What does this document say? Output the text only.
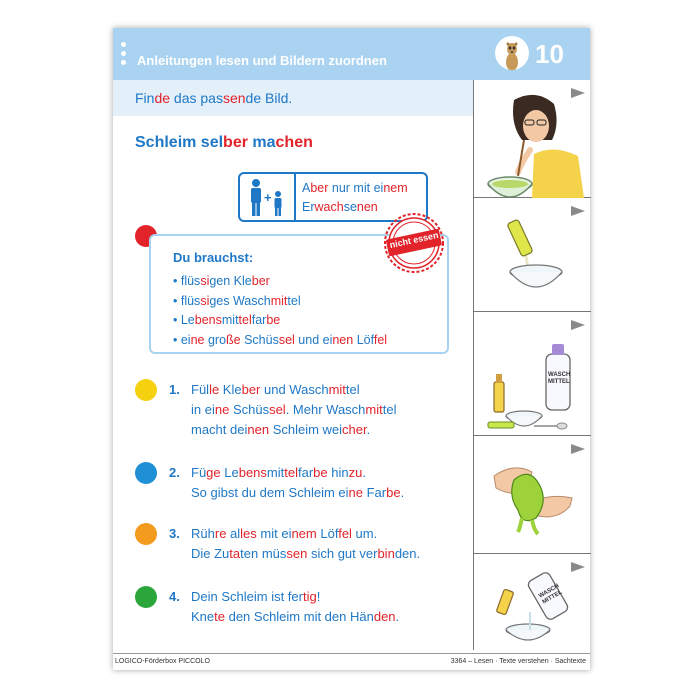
Anleitungen lesen und Bildern zuordnen	10
Finde das passende Bild.
Schleim selber machen
+
Aber nur mit einem
Erwachsenen
Du brauchst:
• flüssigen Kleber
• flüssiges Waschmittel
• Lebensmittelfarbe
• eine große Schüssel und einen Löffel
nicht essen
1. Fülle Kleber und Waschmittel
in eine Schüssel. Mehr Waschmittel
macht deinen Schleim weicher.
2. Füge Lebensmittelfarbe hinzu.
So gibst du dem Schleim eine Farbe.
3. Rühre alles mit einem Löffel um.
Die Zutaten müssen sich gut verbinden.
4. Dein Schleim ist fertig!
Knete den Schleim mit den Händen.
WASCH MITTEL
WASCH MITTEL
LOGICO-Förderbox PICCOLO	3364 – Lesen · Texte verstehen · Sachtexte
